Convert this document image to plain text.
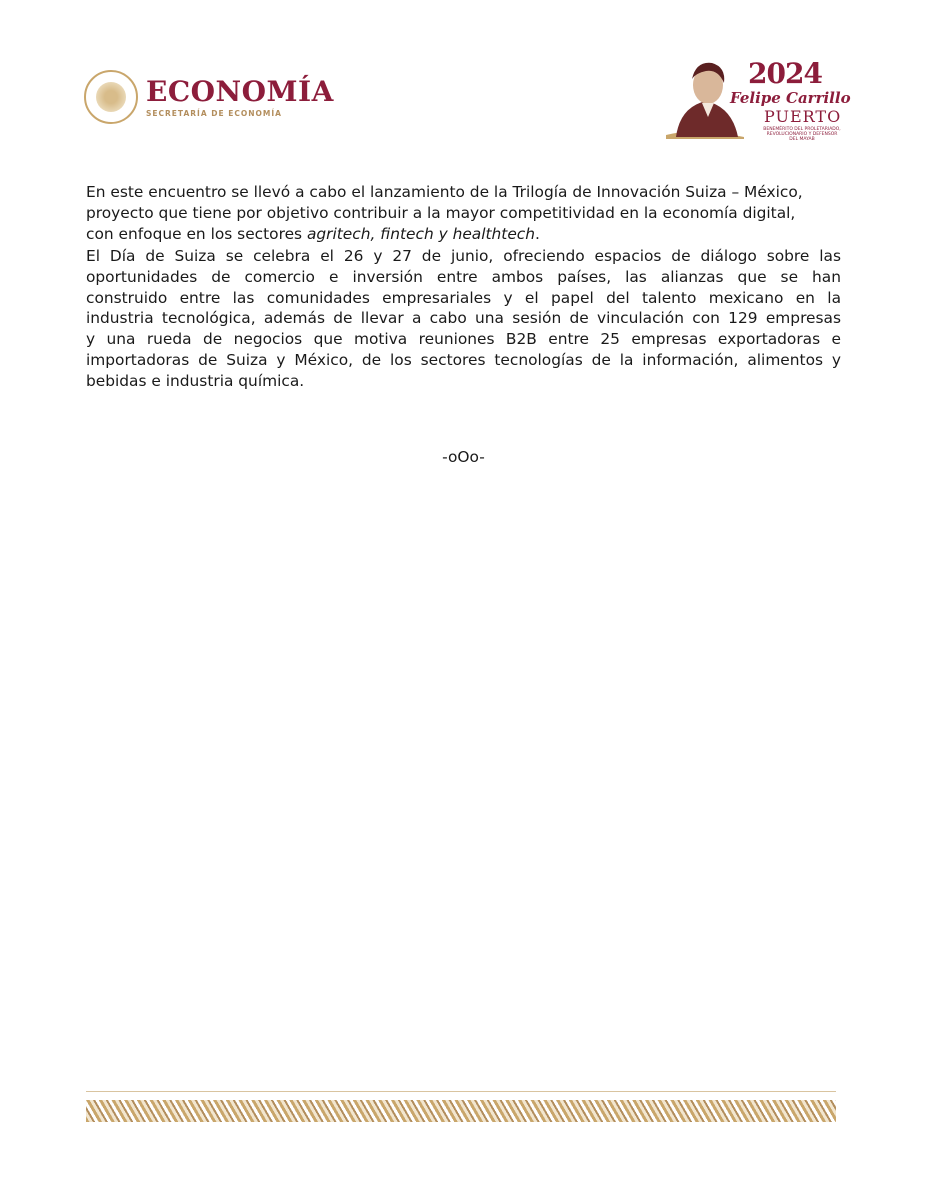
ECONOMÍA
SECRETARÍA DE ECONOMÍA
2024
Felipe Carrillo
PUERTO
BENEMÉRITO DEL PROLETARIADO, REVOLUCIONARIO Y DEFENSOR DEL MAYAB
En este encuentro se llevó a cabo el lanzamiento de la Trilogía de Innovación Suiza – México,
proyecto que tiene por objetivo contribuir a la mayor competitividad en la economía digital,
con enfoque en los sectores agritech, fintech y healthtech.
El Día de Suiza se celebra el 26 y 27 de junio, ofreciendo espacios de diálogo sobre las
oportunidades de comercio e inversión entre ambos países, las alianzas que se han
construido entre las comunidades empresariales y el papel del talento mexicano en la
industria tecnológica, además de llevar a cabo una sesión de vinculación con 129 empresas
y una rueda de negocios que motiva reuniones B2B entre 25 empresas exportadoras e
importadoras de Suiza y México, de los sectores tecnologías de la información, alimentos y
bebidas e industria química.
-oOo-
